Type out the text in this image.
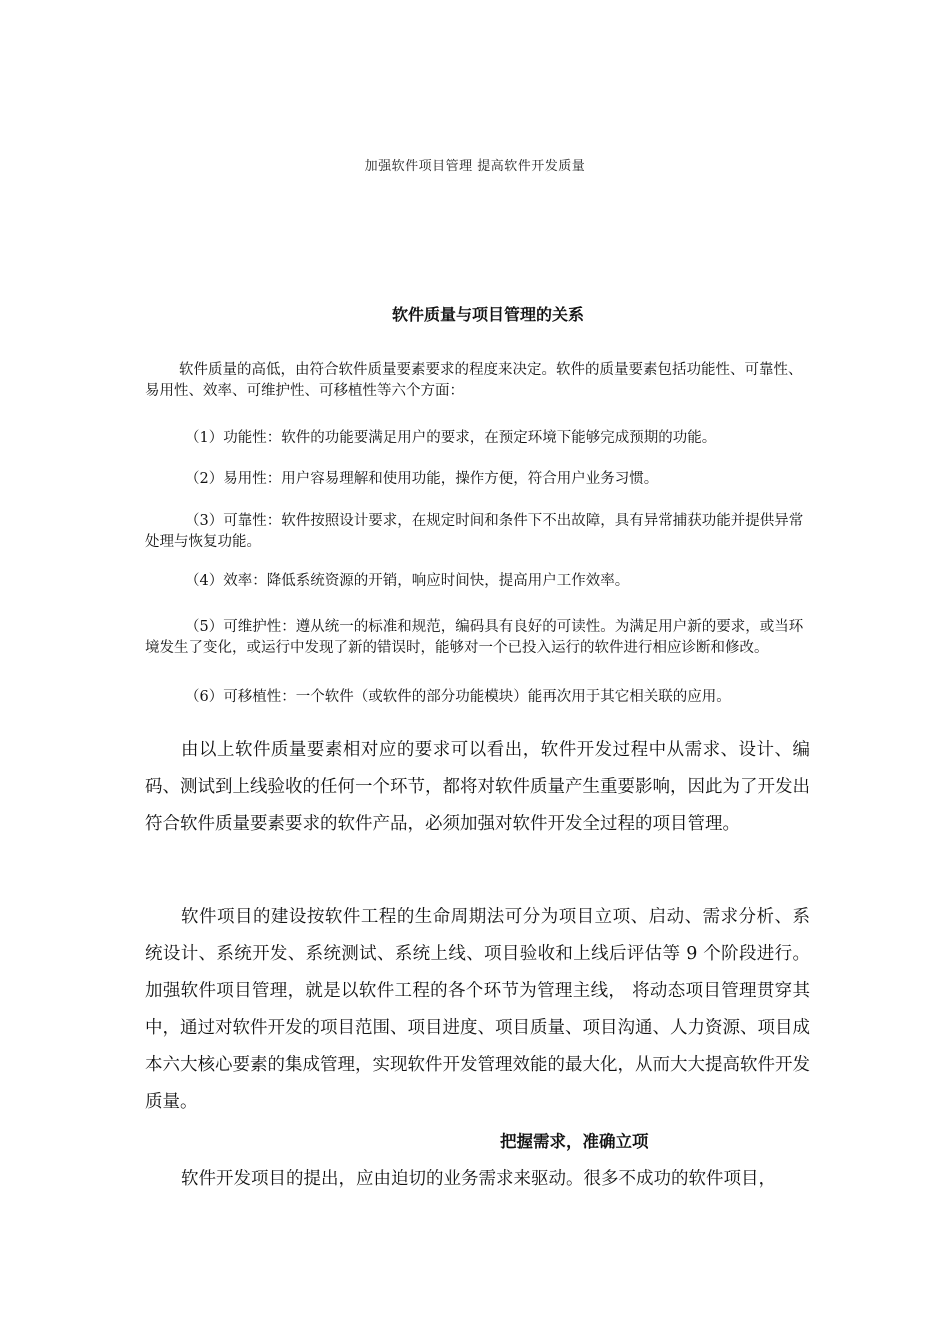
加强软件项目管理 提高软件开发质量
软件质量与项目管理的关系
软件质量的高低，由符合软件质量要素要求的程度来决定。软件的质量要素包括功能性、可靠性、易用性、效率、可维护性、可移植性等六个方面：
（1）功能性：软件的功能要满足用户的要求，在预定环境下能够完成预期的功能。
（2）易用性：用户容易理解和使用功能，操作方便，符合用户业务习惯。
（3）可靠性：软件按照设计要求，在规定时间和条件下不出故障，具有异常捕获功能并提供异常处理与恢复功能。
（4）效率：降低系统资源的开销，响应时间快，提高用户工作效率。
（5）可维护性：遵从统一的标准和规范，编码具有良好的可读性。为满足用户新的要求，或当环境发生了变化，或运行中发现了新的错误时，能够对一个已投入运行的软件进行相应诊断和修改。
（6）可移植性：一个软件（或软件的部分功能模块）能再次用于其它相关联的应用。
由以上软件质量要素相对应的要求可以看出，软件开发过程中从需求、设计、编码、测试到上线验收的任何一个环节，都将对软件质量产生重要影响，因此为了开发出符合软件质量要素要求的软件产品，必须加强对软件开发全过程的项目管理。
软件项目的建设按软件工程的生命周期法可分为项目立项、启动、需求分析、系统设计、系统开发、系统测试、系统上线、项目验收和上线后评估等 9 个阶段进行。加强软件项目管理，就是以软件工程的各个环节为管理主线， 将动态项目管理贯穿其中，通过对软件开发的项目范围、项目进度、项目质量、项目沟通、人力资源、项目成本六大核心要素的集成管理，实现软件开发管理效能的最大化，从而大大提高软件开发质量。
把握需求，准确立项
软件开发项目的提出，应由迫切的业务需求来驱动。很多不成功的软件项目，
